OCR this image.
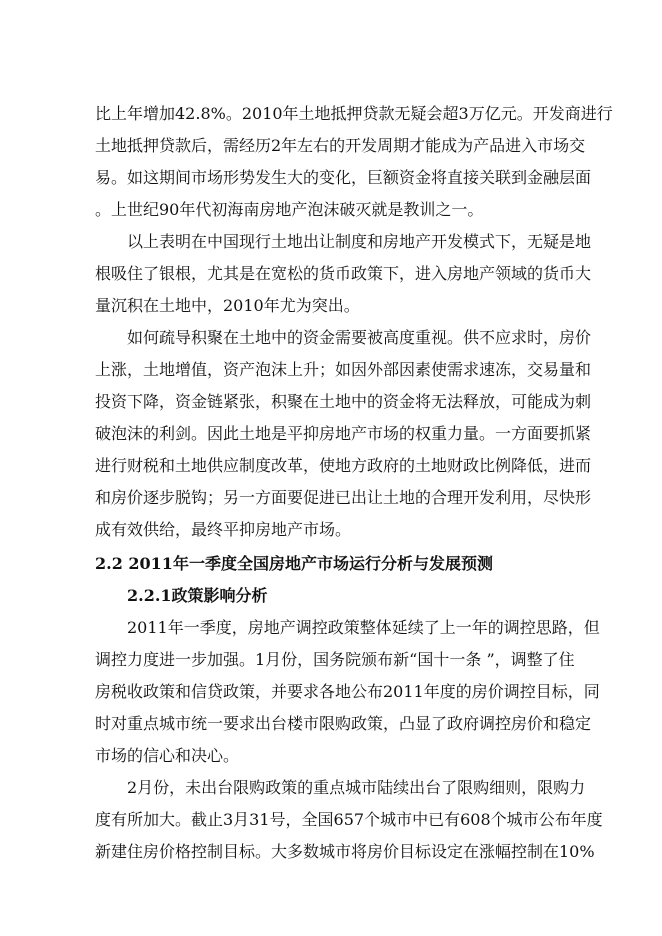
比上年增加42.8%。2010年土地抵押贷款无疑会超3万亿元。开发商进行
土地抵押贷款后，需经历2年左右的开发周期才能成为产品进入市场交
易。如这期间市场形势发生大的变化，巨额资金将直接关联到金融层面
。上世纪90年代初海南房地产泡沫破灭就是教训之一。
以上表明在中国现行土地出让制度和房地产开发模式下，无疑是地
根吸住了银根，尤其是在宽松的货币政策下，进入房地产领域的货币大
量沉积在土地中，2010年尤为突出。
如何疏导积聚在土地中的资金需要被高度重视。供不应求时，房价
上涨，土地增值，资产泡沫上升；如因外部因素使需求速冻，交易量和
投资下降，资金链紧张，积聚在土地中的资金将无法释放，可能成为刺
破泡沫的利剑。因此土地是平抑房地产市场的权重力量。一方面要抓紧
进行财税和土地供应制度改革，使地方政府的土地财政比例降低，进而
和房价逐步脱钩；另一方面要促进已出让土地的合理开发利用，尽快形
成有效供给，最终平抑房地产市场。
2.2 2011年一季度全国房地产市场运行分析与发展预测
2.2.1政策影响分析
2011年一季度，房地产调控政策整体延续了上一年的调控思路，但
调控力度进一步加强。1月份，国务院颁布新“国十一条 ”，调整了住
房税收政策和信贷政策，并要求各地公布2011年度的房价调控目标，同
时对重点城市统一要求出台楼市限购政策，凸显了政府调控房价和稳定
市场的信心和决心。
2月份，未出台限购政策的重点城市陆续出台了限购细则，限购力
度有所加大。截止3月31号，全国657个城市中已有608个城市公布年度
新建住房价格控制目标。大多数城市将房价目标设定在涨幅控制在10%
